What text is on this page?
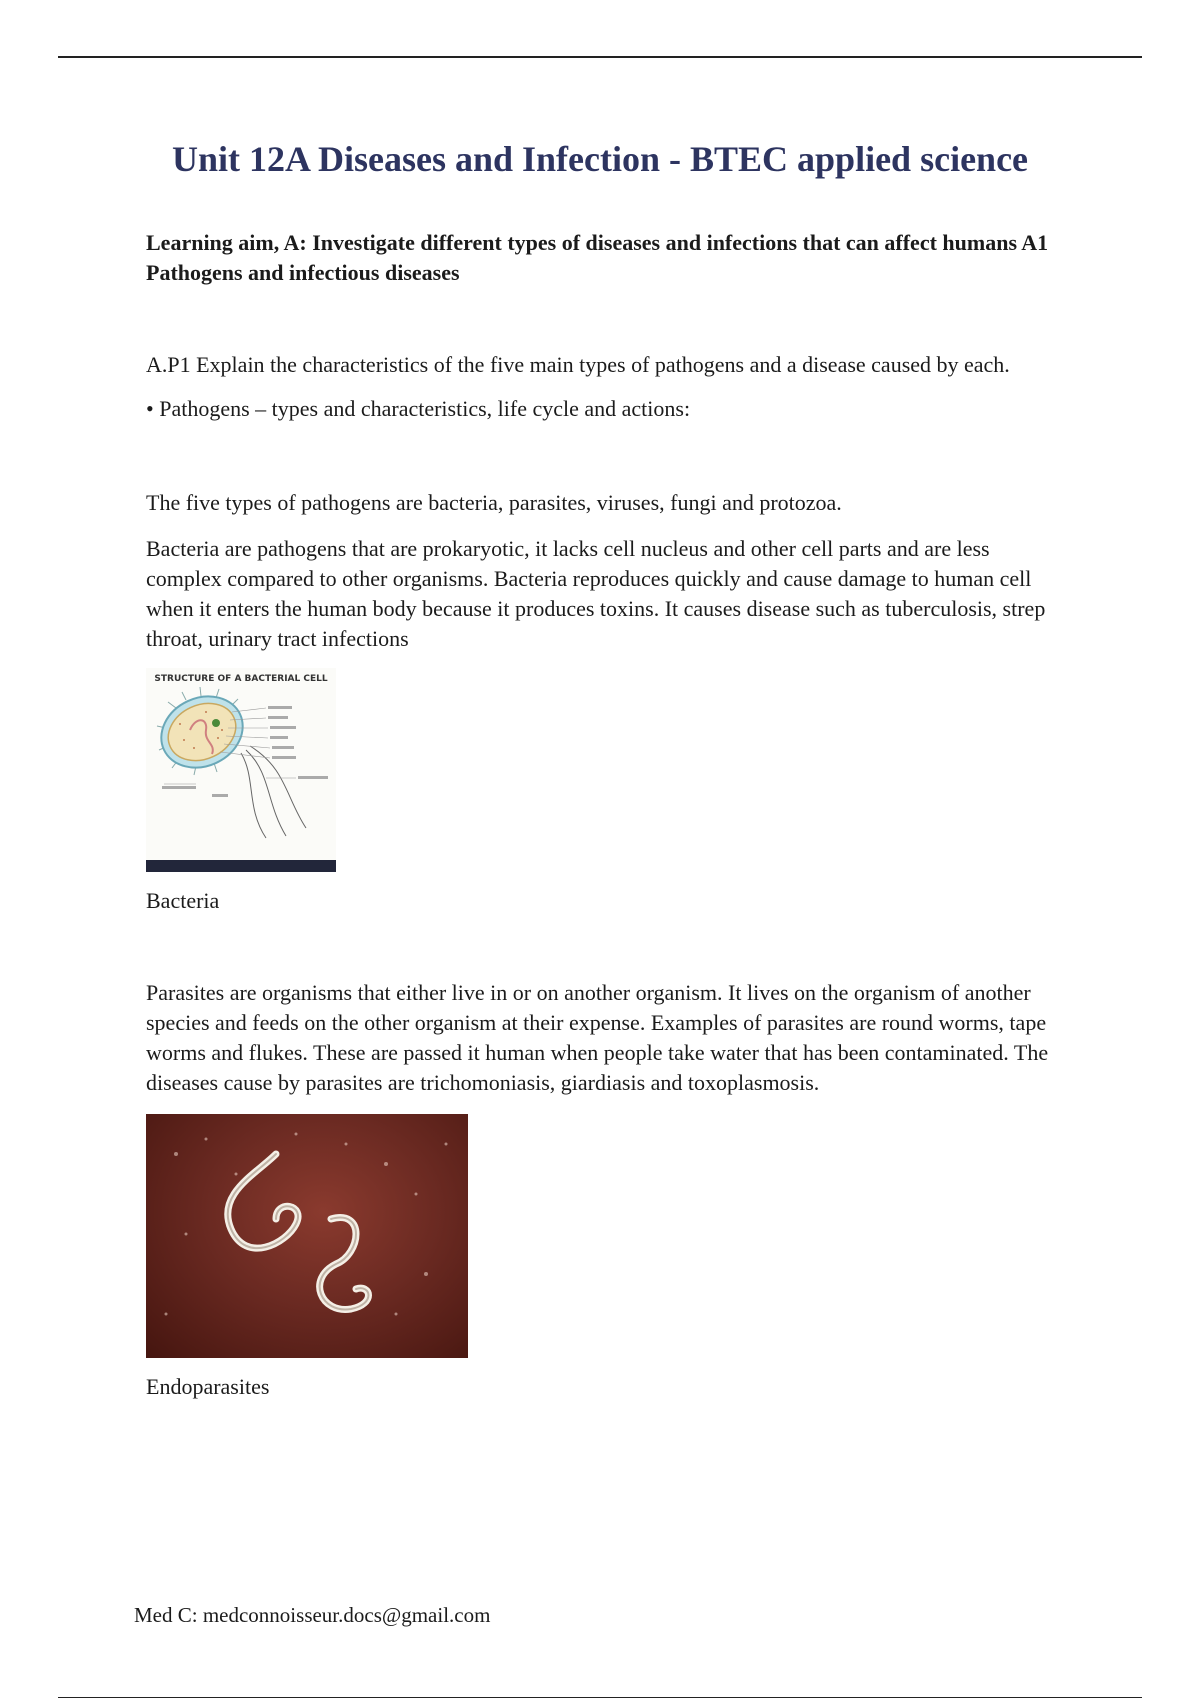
Unit 12A Diseases and Infection - BTEC applied science

Learning aim, A: Investigate different types of diseases and infections that can affect humans A1 Pathogens and infectious diseases

A.P1 Explain the characteristics of the five main types of pathogens and a disease caused by each.

• Pathogens – types and characteristics, life cycle and actions:

The five types of pathogens are bacteria, parasites, viruses, fungi and protozoa.

Bacteria are pathogens that are prokaryotic, it lacks cell nucleus and other cell parts and are less complex compared to other organisms. Bacteria reproduces quickly and cause damage to human cell when it enters the human body because it produces toxins. It causes disease such as tuberculosis, strep throat, urinary tract infections

STRUCTURE OF A BACTERIAL CELL

Bacteria

Parasites are organisms that either live in or on another organism. It lives on the organism of another species and feeds on the other organism at their expense. Examples of parasites are round worms, tape worms and flukes. These are passed it human when people take water that has been contaminated. The diseases cause by parasites are trichomoniasis, giardiasis and toxoplasmosis.

Endoparasites

Med C: medconnoisseur.docs@gmail.com
